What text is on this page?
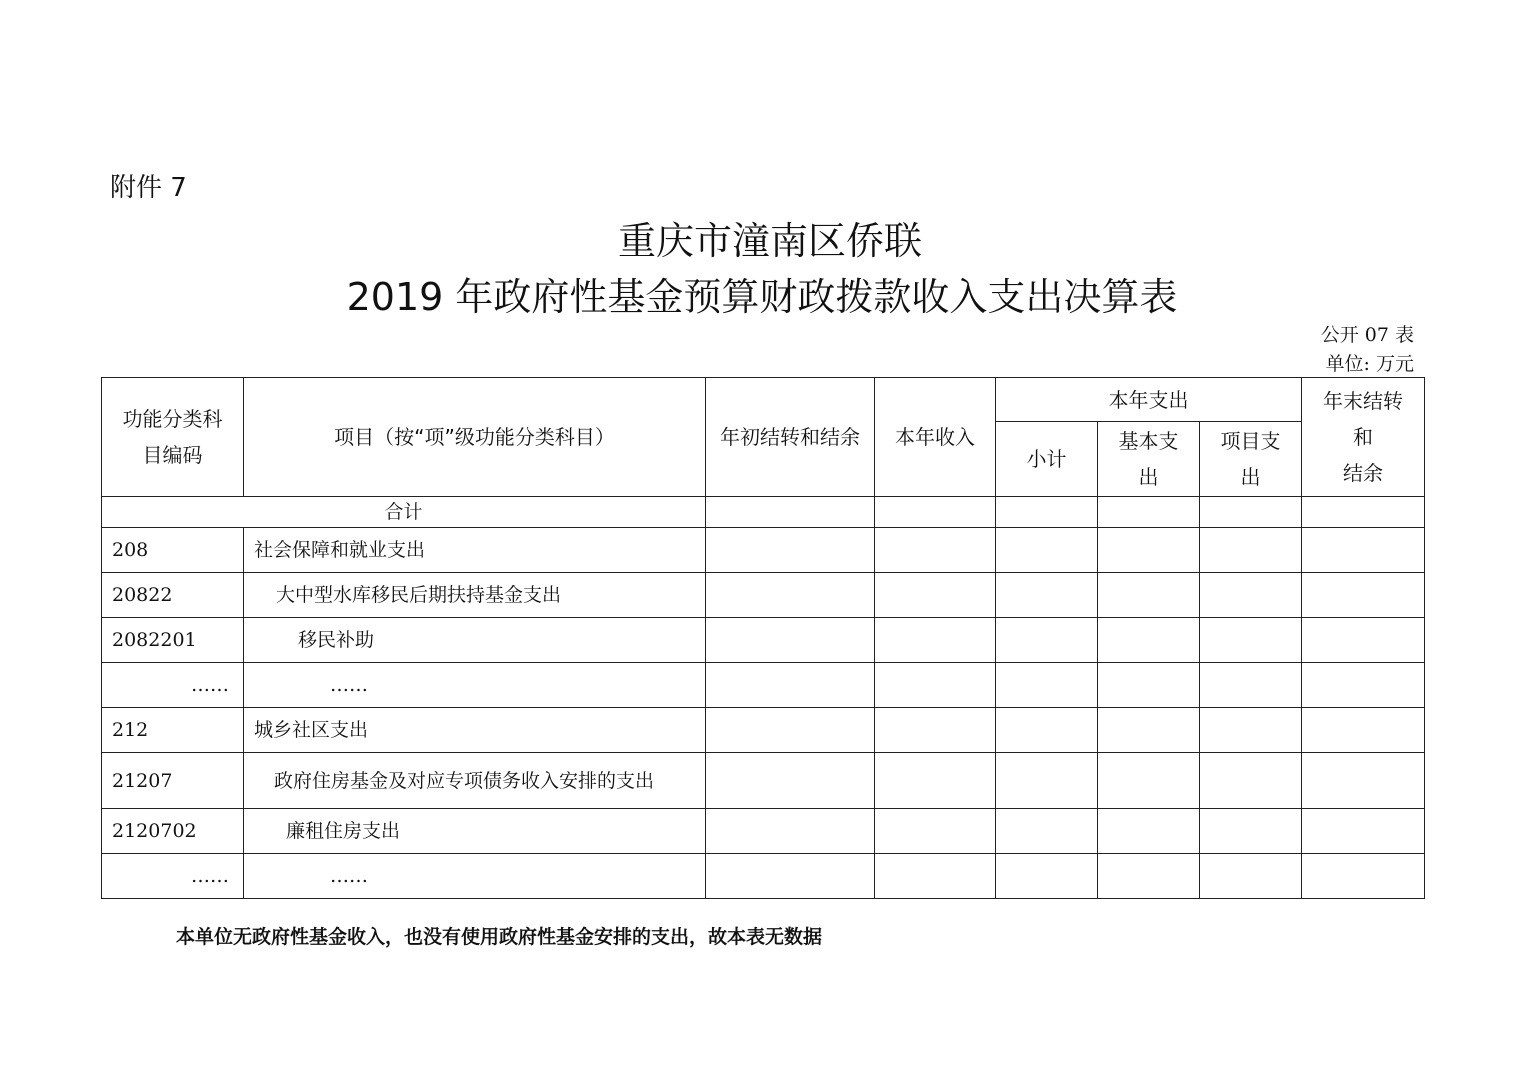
附件 7
重庆市潼南区侨联
2019 年政府性基金预算财政拨款收入支出决算表
公开 07 表
单位: 万元
功能分类科目编码	项目（按“项”级功能分类科目）	年初结转和结余	本年收入	本年支出			年末结转
和
结余

				小计	基本支出	项目支出	
合计							
208	社会保障和就业支出						
20822	大中型水库移民后期扶持基金支出						
2082201	移民补助						
……	……						
212	城乡社区支出						
21207	政府住房基金及对应专项债务收入安排的支出						
2120702	廉租住房支出						
……	……						
本单位无政府性基金收入，也没有使用政府性基金安排的支出，故本表无数据
